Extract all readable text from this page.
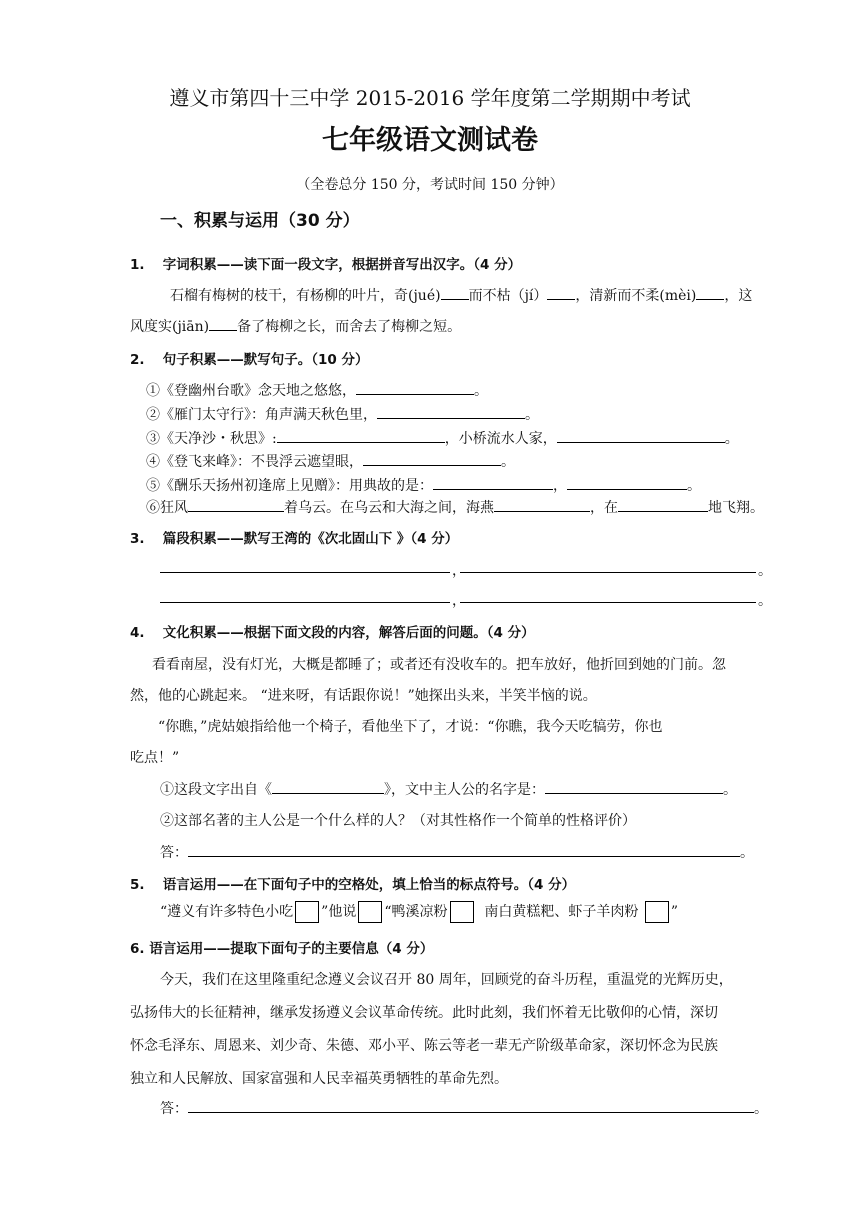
遵义市第四十三中学 2015-2016 学年度第二学期期中考试
七年级语文测试卷
（全卷总分 150 分，考试时间 150 分钟）
一、积累与运用（30 分）
1.　 字词积累——读下面一段文字，根据拼音写出汉字。（4 分）
石榴有梅树的枝干，有杨柳的叶片，奇(jué) 而不枯（jí） ，清新而不柔(mèi) ，这
风度实(jiān) 备了梅柳之长，而舍去了梅柳之短。
2.　 句子积累——默写句子。（10 分）
①《登幽州台歌》念天地之悠悠，	。
②《雁门太守行》：角声满天秋色里，	。
③《天净沙・秋思》:	，小桥流水人家，	。
④《登飞来峰》：不畏浮云遮望眼，	。
⑤《酬乐天扬州初逢席上见赠》：用典故的是：	，	。
⑥狂风	着乌云。在乌云和大海之间，海燕	，在	地飞翔。
3.　 篇段积累——默写王湾的《次北固山下 》（4 分）
，	。
，	。
4.　 文化积累——根据下面文段的内容，解答后面的问题。（4 分）
看看南屋，没有灯光，大概是都睡了；或者还有没收车的。把车放好，他折回到她的门前。忽
然，他的心跳起来。 “进来呀，有话跟你说！”她探出头来，半笑半恼的说。
“你瞧，”虎姑娘指给他一个椅子，看他坐下了，才说：“你瞧，我今天吃犒劳，你也
吃点！”
①这段文字出自《	》，文中主人公的名字是：	。
②这部名著的主人公是一个什么样的人？（对其性格作一个简单的性格评价）
答：	。
5.　 语言运用——在下面句子中的空格处，填上恰当的标点符号。（4 分）
“遵义有许多特色小吃 ”他说 “鸭溪凉粉	南白黄糕粑、虾子羊肉粉 ”
6. 语言运用——提取下面句子的主要信息（4 分）
今天，我们在这里隆重纪念遵义会议召开 80 周年，回顾党的奋斗历程，重温党的光辉历史，
弘扬伟大的长征精神，继承发扬遵义会议革命传统。此时此刻，我们怀着无比敬仰的心情，深切
怀念毛泽东、周恩来、刘少奇、朱德、邓小平、陈云等老一辈无产阶级革命家，深切怀念为民族
独立和人民解放、国家富强和人民幸福英勇牺牲的革命先烈。
答：	。
